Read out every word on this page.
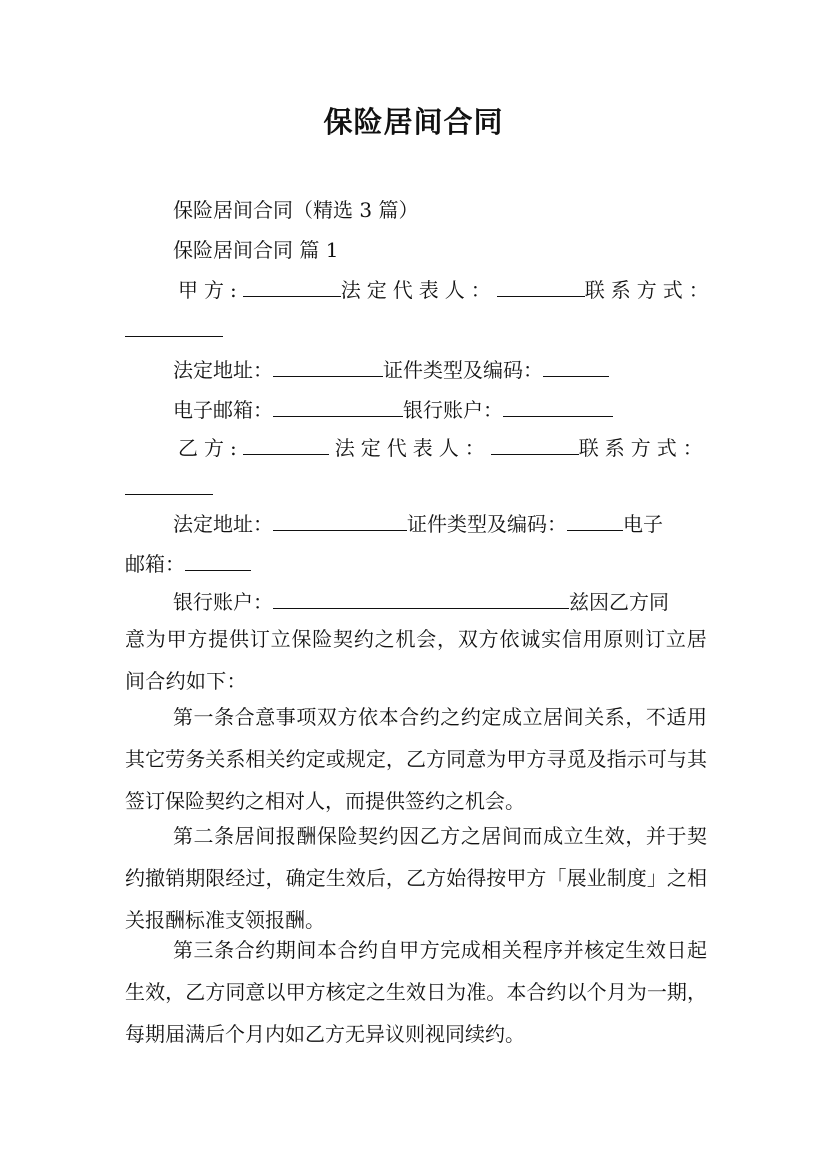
保险居间合同

保险居间合同（精选 3 篇）

保险居间合同 篇 1

甲方:	法定代表人：	联系方式：

法定地址：	证件类型及编码：

电子邮箱：	银行账户：

乙方:	法定代表人：	联系方式：

法定地址：	证件类型及编码：	电子

邮箱：

银行账户：	兹因乙方同

意为甲方提供订立保险契约之机会，双方依诚实信用原则订立居间合约如下：

第一条合意事项双方依本合约之约定成立居间关系，不适用其它劳务关系相关约定或规定，乙方同意为甲方寻觅及指示可与其签订保险契约之相对人，而提供签约之机会。

第二条居间报酬保险契约因乙方之居间而成立生效，并于契约撤销期限经过，确定生效后，乙方始得按甲方「展业制度」之相关报酬标准支领报酬。

第三条合约期间本合约自甲方完成相关程序并核定生效日起生效，乙方同意以甲方核定之生效日为准。本合约以个月为一期，每期届满后个月内如乙方无异议则视同续约。
